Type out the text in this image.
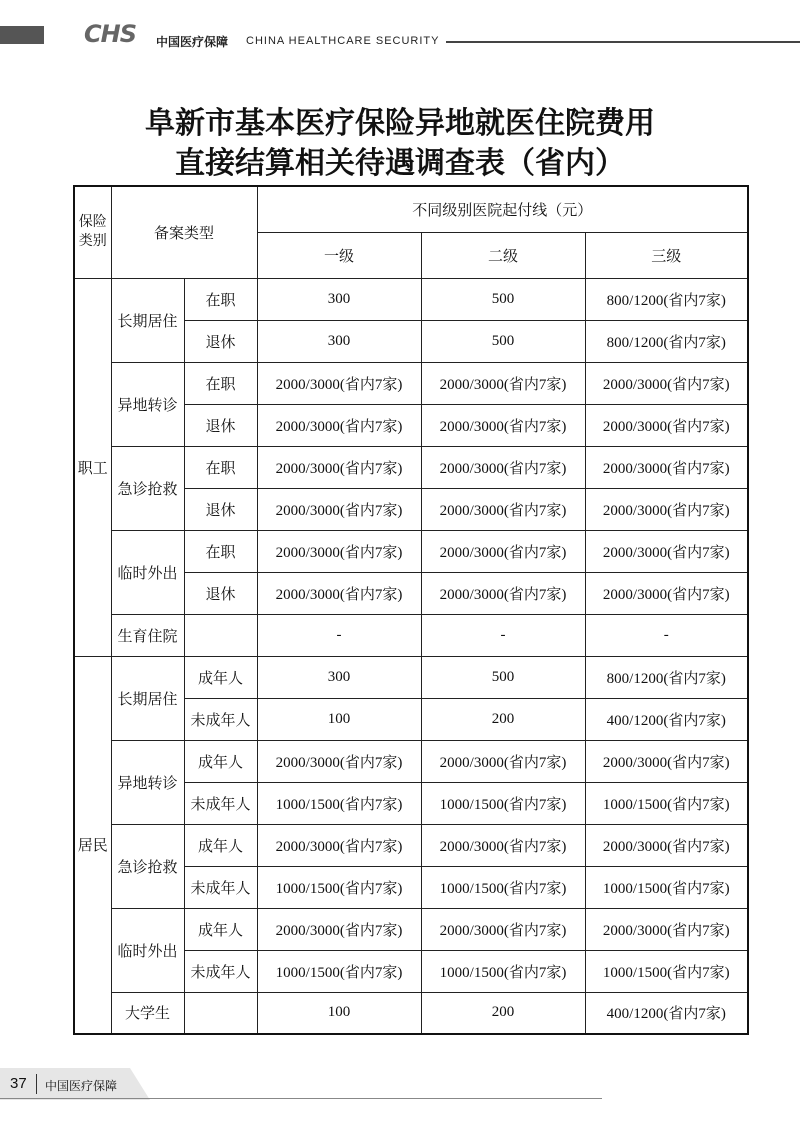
CHS 中国医疗保障 CHINA HEALTHCARE SECURITY
阜新市基本医疗保险异地就医住院费用
直接结算相关待遇调查表（省内）
保险类别	备案类型		不同级别医院起付线（元）		
			一级	二级	三级
职工	长期居住	在职	300	500	800/1200(省内7家)
		退休	300	500	800/1200(省内7家)
	异地转诊	在职	2000/3000(省内7家)	2000/3000(省内7家)	2000/3000(省内7家)
		退休	2000/3000(省内7家)	2000/3000(省内7家)	2000/3000(省内7家)
	急诊抢救	在职	2000/3000(省内7家)	2000/3000(省内7家)	2000/3000(省内7家)
		退休	2000/3000(省内7家)	2000/3000(省内7家)	2000/3000(省内7家)
	临时外出	在职	2000/3000(省内7家)	2000/3000(省内7家)	2000/3000(省内7家)
		退休	2000/3000(省内7家)	2000/3000(省内7家)	2000/3000(省内7家)
	生育住院		-	-	-
居民	长期居住	成年人	300	500	800/1200(省内7家)
		未成年人	100	200	400/1200(省内7家)
	异地转诊	成年人	2000/3000(省内7家)	2000/3000(省内7家)	2000/3000(省内7家)
		未成年人	1000/1500(省内7家)	1000/1500(省内7家)	1000/1500(省内7家)
	急诊抢救	成年人	2000/3000(省内7家)	2000/3000(省内7家)	2000/3000(省内7家)
		未成年人	1000/1500(省内7家)	1000/1500(省内7家)	1000/1500(省内7家)
	临时外出	成年人	2000/3000(省内7家)	2000/3000(省内7家)	2000/3000(省内7家)
		未成年人	1000/1500(省内7家)	1000/1500(省内7家)	1000/1500(省内7家)
	大学生		100	200	400/1200(省内7家)
37 中国医疗保障
